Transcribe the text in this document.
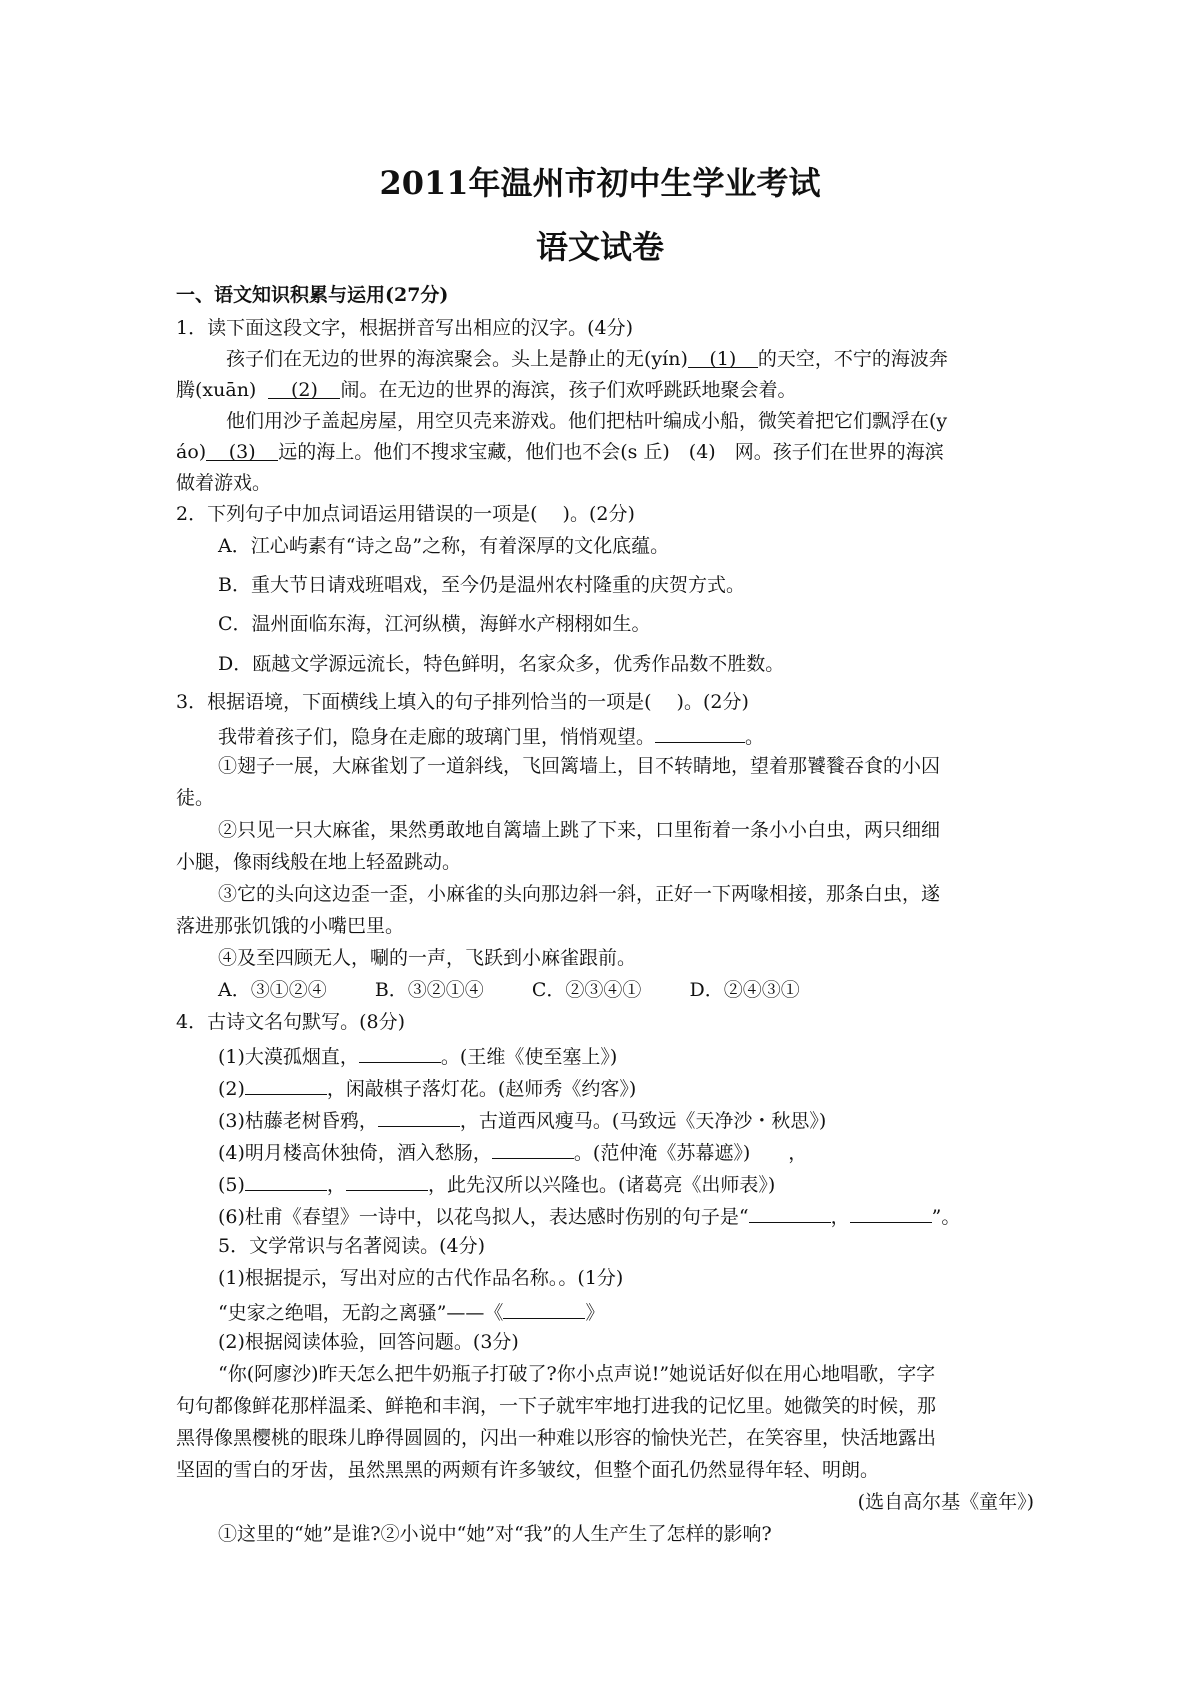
2011年温州市初中生学业考试
语文试卷
一、语文知识积累与运用(27分)
1．读下面这段文字，根据拼音写出相应的汉字。(4分)
孩子们在无边的世界的海滨聚会。头上是静止的无(yín) (1) 的天空，不宁的海波奔
腾(xuān) (2) 闹。在无边的世界的海滨，孩子们欢呼跳跃地聚会着。
他们用沙子盖起房屋，用空贝壳来游戏。他们把枯叶编成小船，微笑着把它们飘浮在(y
áo) (3) 远的海上。他们不搜求宝藏，他们也不会(s 丘)　(4)　网。孩子们在世界的海滨
做着游戏。
2．下列句子中加点词语运用错误的一项是(　 )。(2分)
A．江心屿素有“诗之岛”之称，有着深厚的文化底蕴。
B．重大节日请戏班唱戏，至今仍是温州农村隆重的庆贺方式。
C．温州面临东海，江河纵横，海鲜水产栩栩如生。
D．瓯越文学源远流长，特色鲜明，名家众多，优秀作品数不胜数。
3．根据语境，下面横线上填入的句子排列恰当的一项是(　 )。(2分)
我带着孩子们，隐身在走廊的玻璃门里，悄悄观望。	。
①翅子一展，大麻雀划了一道斜线，飞回篱墙上，目不转睛地，望着那饕餮吞食的小囚
徒。
②只见一只大麻雀，果然勇敢地自篱墙上跳了下来，口里衔着一条小小白虫，两只细细
小腿，像雨线般在地上轻盈跳动。
③它的头向这边歪一歪，小麻雀的头向那边斜一斜，正好一下两喙相接，那条白虫，遂
落进那张饥饿的小嘴巴里。
④及至四顾无人，唰的一声，飞跃到小麻雀跟前。
A．③①②④	B．③②①④	C．②③④①	D．②④③①
4．古诗文名句默写。(8分)
(1)大漠孤烟直，	。(王维《使至塞上》)
(2)	，闲敲棋子落灯花。(赵师秀《约客》)
(3)枯藤老树昏鸦，	，古道西风瘦马。(马致远《天净沙・秋思》)
(4)明月楼高休独倚，酒入愁肠，	。(范仲淹《苏幕遮》)　　，
(5)	，	，此先汉所以兴隆也。(诸葛亮《出师表》)
(6)杜甫《春望》一诗中，以花鸟拟人，表达感时伤别的句子是“	，	”。
5．文学常识与名著阅读。(4分)
(1)根据提示，写出对应的古代作品名称。。(1分)
“史家之绝唱，无韵之离骚”——《	》
(2)根据阅读体验，回答问题。(3分)
“你(阿廖沙)昨天怎么把牛奶瓶子打破了?你小点声说!”她说话好似在用心地唱歌，字字
句句都像鲜花那样温柔、鲜艳和丰润，一下子就牢牢地打进我的记忆里。她微笑的时候，那
黑得像黑樱桃的眼珠儿睁得圆圆的，闪出一种难以形容的愉快光芒，在笑容里，快活地露出
坚固的雪白的牙齿，虽然黑黑的两颊有许多皱纹，但整个面孔仍然显得年轻、明朗。
(选自高尔基《童年》)
①这里的“她”是谁?②小说中“她”对“我”的人生产生了怎样的影响?
